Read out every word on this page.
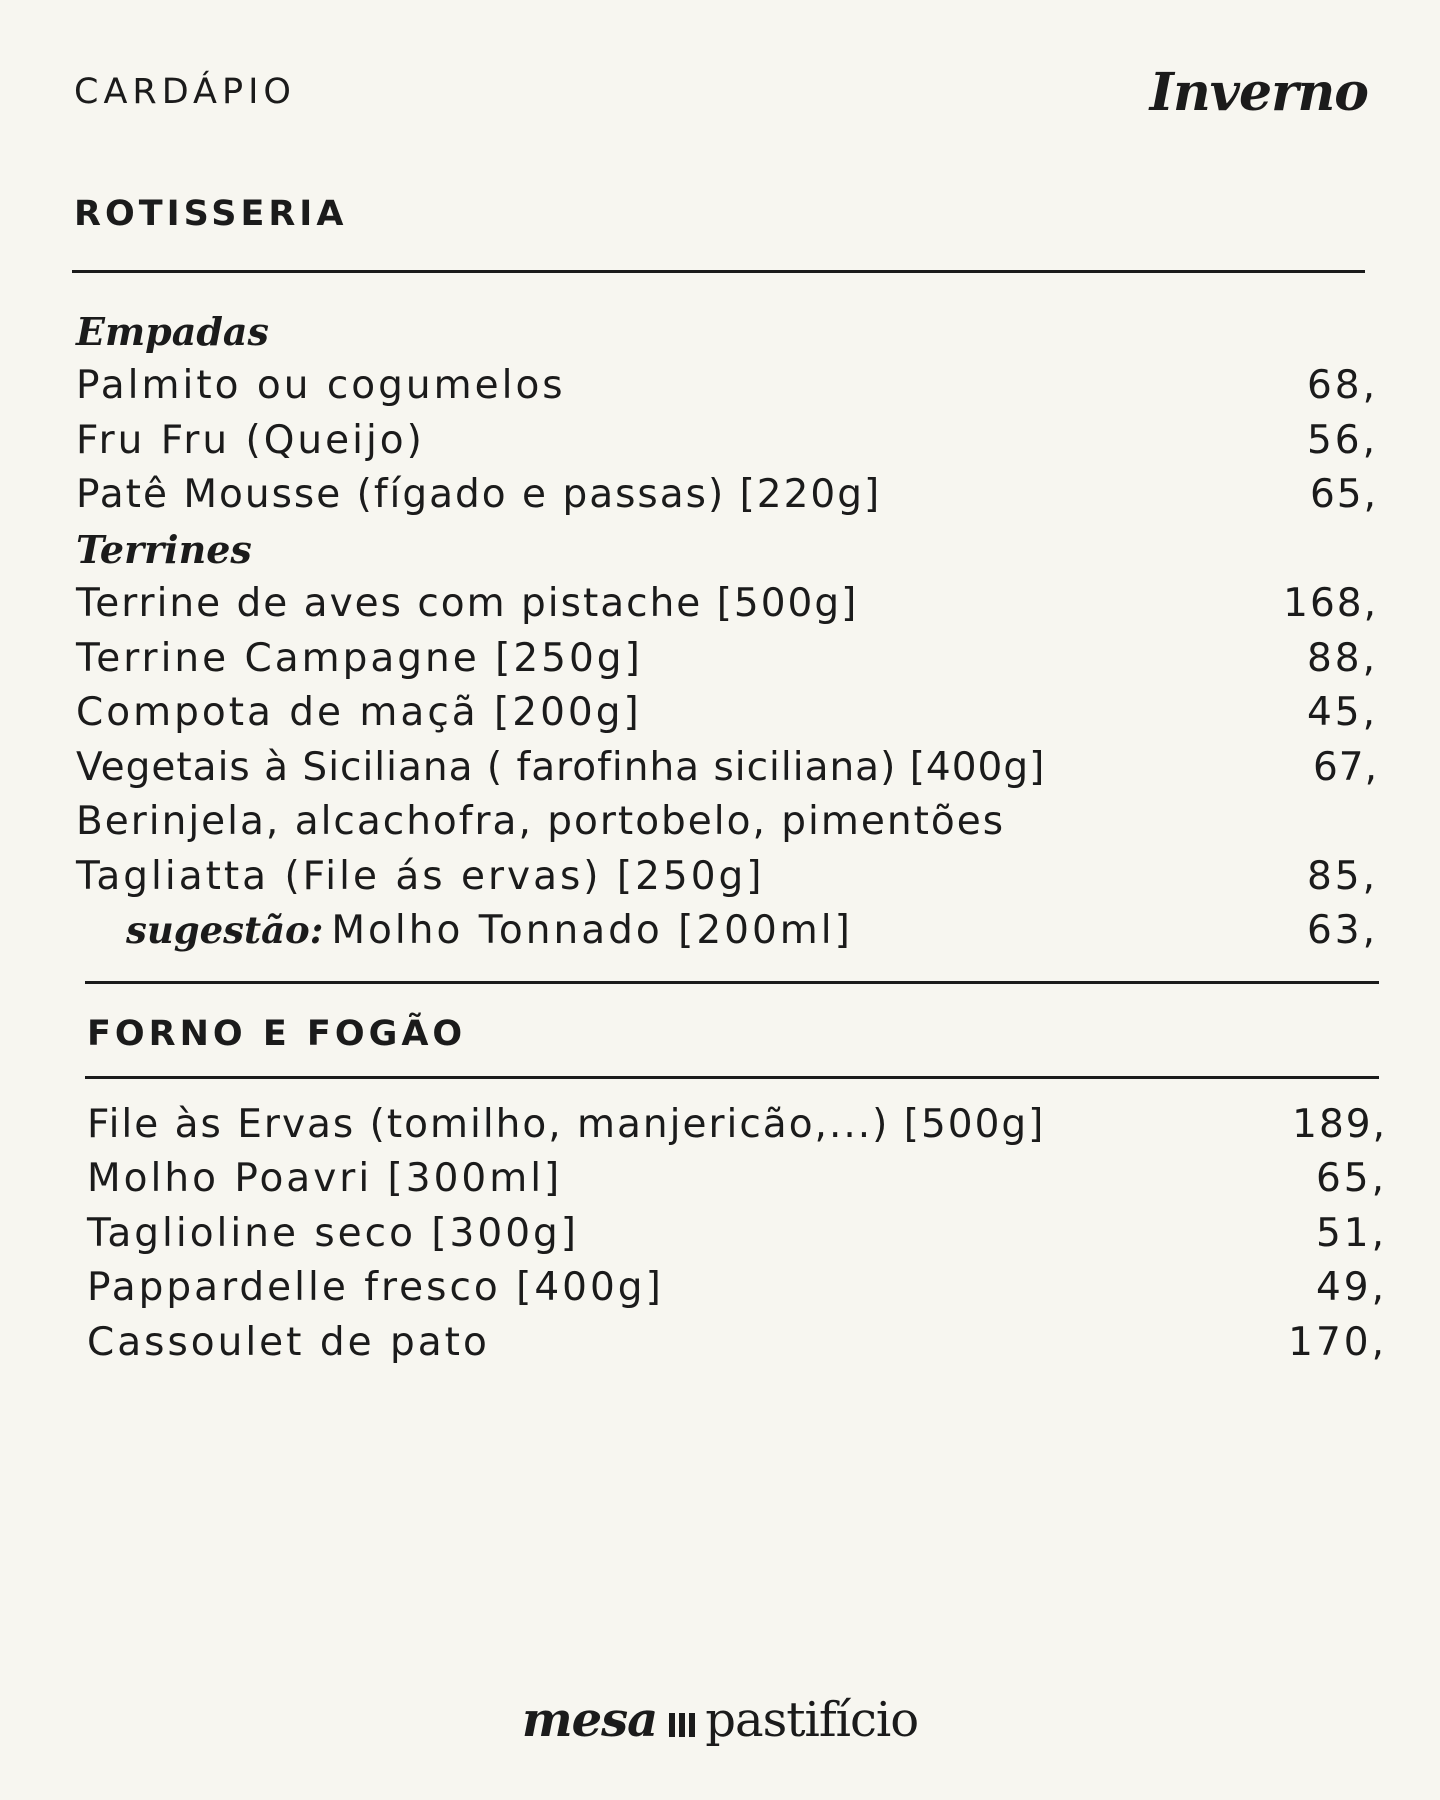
CARDÁPIO	Inverno
ROTISSERIA
Empadas
Palmito ou cogumelos	68,
Fru Fru (Queijo)	56,
Patê Mousse (fígado e passas) [220g]	65,
Terrines
Terrine de aves com pistache [500g]	168,
Terrine Campagne [250g]	88,
Compota de maçã [200g]	45,
Vegetais à Siciliana ( farofinha siciliana) [400g]	67,
Berinjela, alcachofra, portobelo, pimentões
Tagliatta (File ás ervas) [250g]	85,
sugestão: Molho Tonnado [200ml]	63,
FORNO E FOGÃO
File às Ervas (tomilho, manjericão,...) [500g]	189,
Molho Poavri [300ml]	65,
Taglioline seco [300g]	51,
Pappardelle fresco [400g]	49,
Cassoulet de pato	170,
mesa pastifício
